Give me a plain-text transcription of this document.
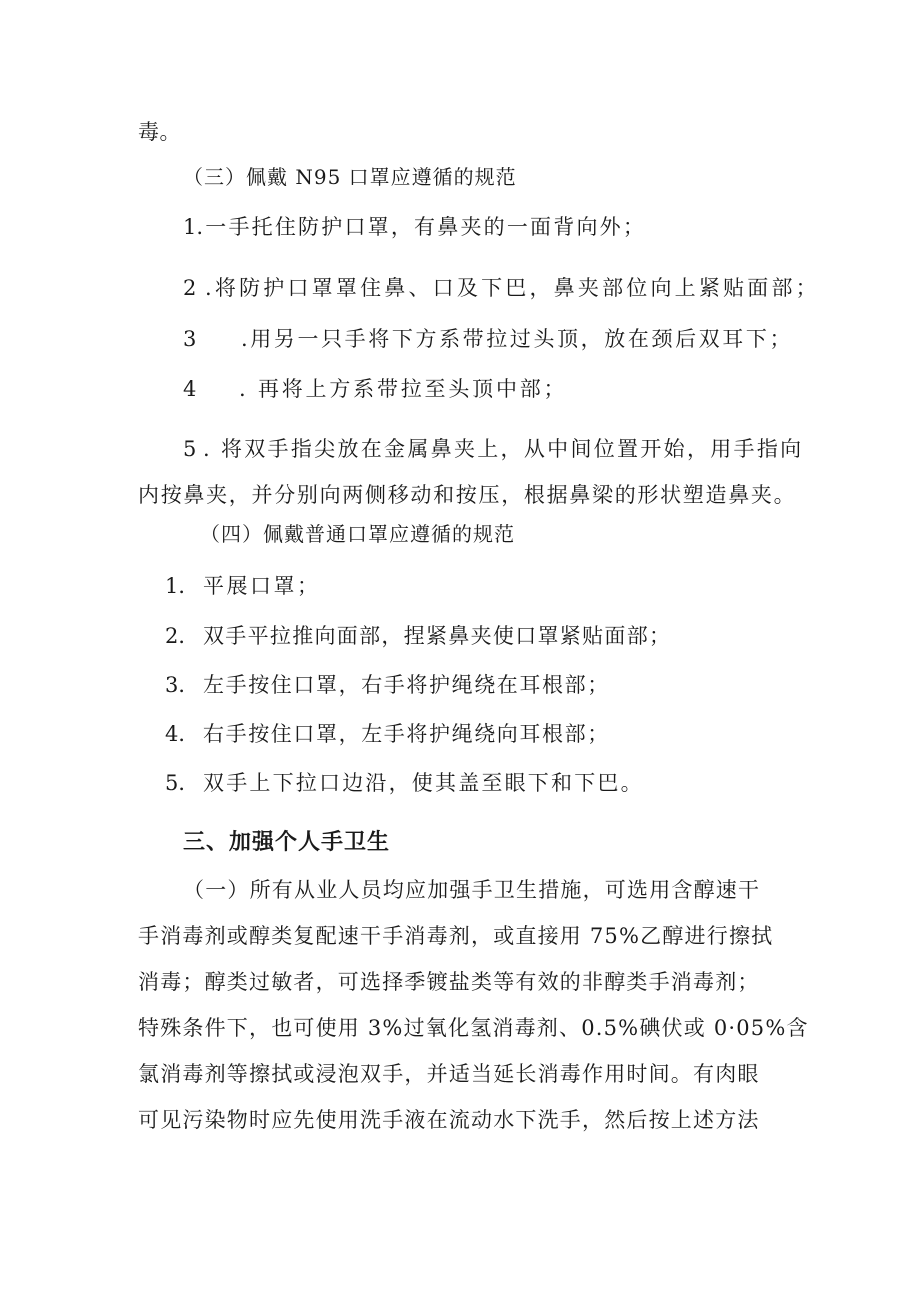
毒。
（三）佩戴 N95 口罩应遵循的规范
1.一手托住防护口罩，有鼻夹的一面背向外；
2 .将防护口罩罩住鼻、口及下巴，鼻夹部位向上紧贴面部；
3 .用另一只手将下方系带拉过头顶，放在颈后双耳下；
4 . 再将上方系带拉至头顶中部；
5 . 将双手指尖放在金属鼻夹上，从中间位置开始，用手指向
内按鼻夹，并分别向两侧移动和按压，根据鼻梁的形状塑造鼻夹。
（四）佩戴普通口罩应遵循的规范
1． 平展口罩；
2． 双手平拉推向面部，捏紧鼻夹使口罩紧贴面部；
3． 左手按住口罩，右手将护绳绕在耳根部；
4． 右手按住口罩，左手将护绳绕向耳根部；
5． 双手上下拉口边沿，使其盖至眼下和下巴。
三、加强个人手卫生
（一）所有从业人员均应加强手卫生措施，可选用含醇速干
手消毒剂或醇类复配速干手消毒剂，或直接用 75%乙醇进行擦拭
消毒；醇类过敏者，可选择季镀盐类等有效的非醇类手消毒剂；
特殊条件下，也可使用 3%过氧化氢消毒剂、0.5%碘伏或 0·05%含
氯消毒剂等擦拭或浸泡双手，并适当延长消毒作用时间。有肉眼
可见污染物时应先使用洗手液在流动水下洗手，然后按上述方法
